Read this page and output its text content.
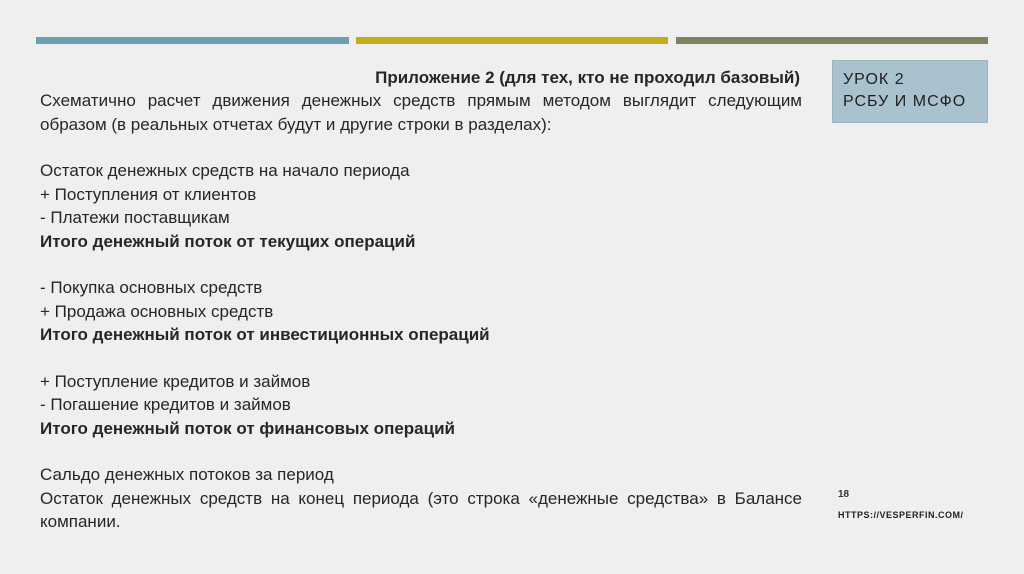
Приложение 2 (для тех, кто не проходил базовый)
Схематично расчет движения денежных средств прямым методом выглядит следующим образом (в реальных отчетах будут и другие строки в разделах):
Остаток денежных средств на начало периода
+ Поступления от клиентов
- Платежи поставщикам
Итого денежный поток от текущих операций
- Покупка основных средств
+ Продажа основных средств
Итого денежный поток от инвестиционных операций
+ Поступление кредитов и займов
- Погашение кредитов и займов
Итого денежный поток от финансовых операций
Сальдо денежных потоков за период
Остаток денежных средств на конец периода (это строка «денежные средства» в Балансе компании.
УРОК 2
РСБУ И МСФО
18
HTTPS://VESPERFIN.COM/
